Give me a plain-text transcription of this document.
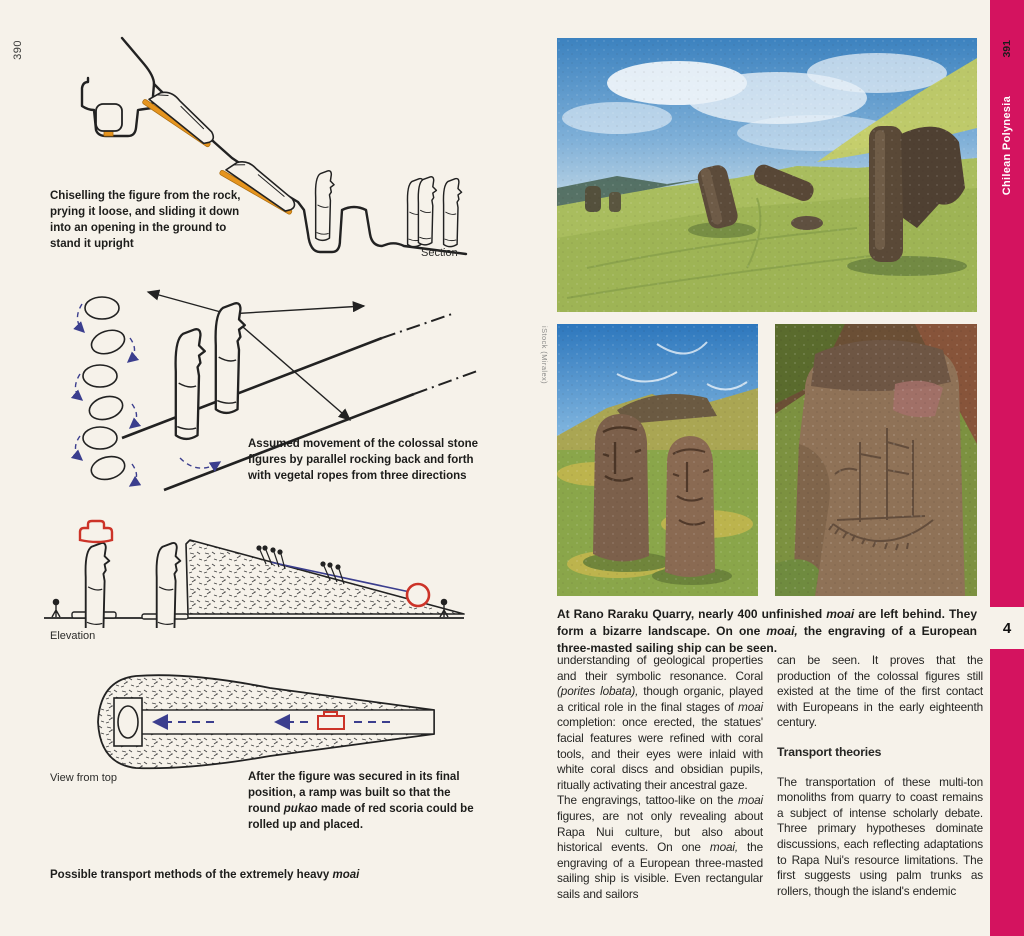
390
Chiselling the figure from the rock, prying it loose, and sliding it down into an opening in the ground to stand it upright
Section
Assumed movement of the colossal stone figures by parallel rocking back and forth with vegetal ropes from three directions
Elevation
View from top	After the figure was secured in its final position, a ramp was built so that the round pukao made of red scoria could be rolled up and placed.
Possible transport methods of the extremely heavy moai
iStock (Miralex)
At Rano Raraku Quarry, nearly 400 unfinished moai are left behind. They form a bizarre landscape. On one moai, the engraving of a European three-masted sailing ship can be seen.

understanding of geological properties and their symbolic resonance. Coral (porites lobata), though organic, played a critical role in the final stages of moai completion: once erected, the statues' facial features were refined with coral tools, and their eyes were inlaid with white coral discs and obsidian pupils, ritually activating their ancestral gaze.

The engravings, tattoo-like on the moai figures, are not only revealing about Rapa Nui culture, but also about historical events. On one moai, the engraving of a European three-masted sailing ship is visible. Even rectangular sails and sailors

can be seen. It proves that the production of the colossal figures still existed at the time of the first contact with Europeans in the early eighteenth century.

Transport theories

The transportation of these multi-ton monoliths from quarry to coast remains a subject of intense scholarly debate. Three primary hypotheses dominate discussions, each reflecting adaptations to Rapa Nui's resource limitations. The first suggests using palm trunks as rollers, though the island's endemic

391
Chilean Polynesia
4
